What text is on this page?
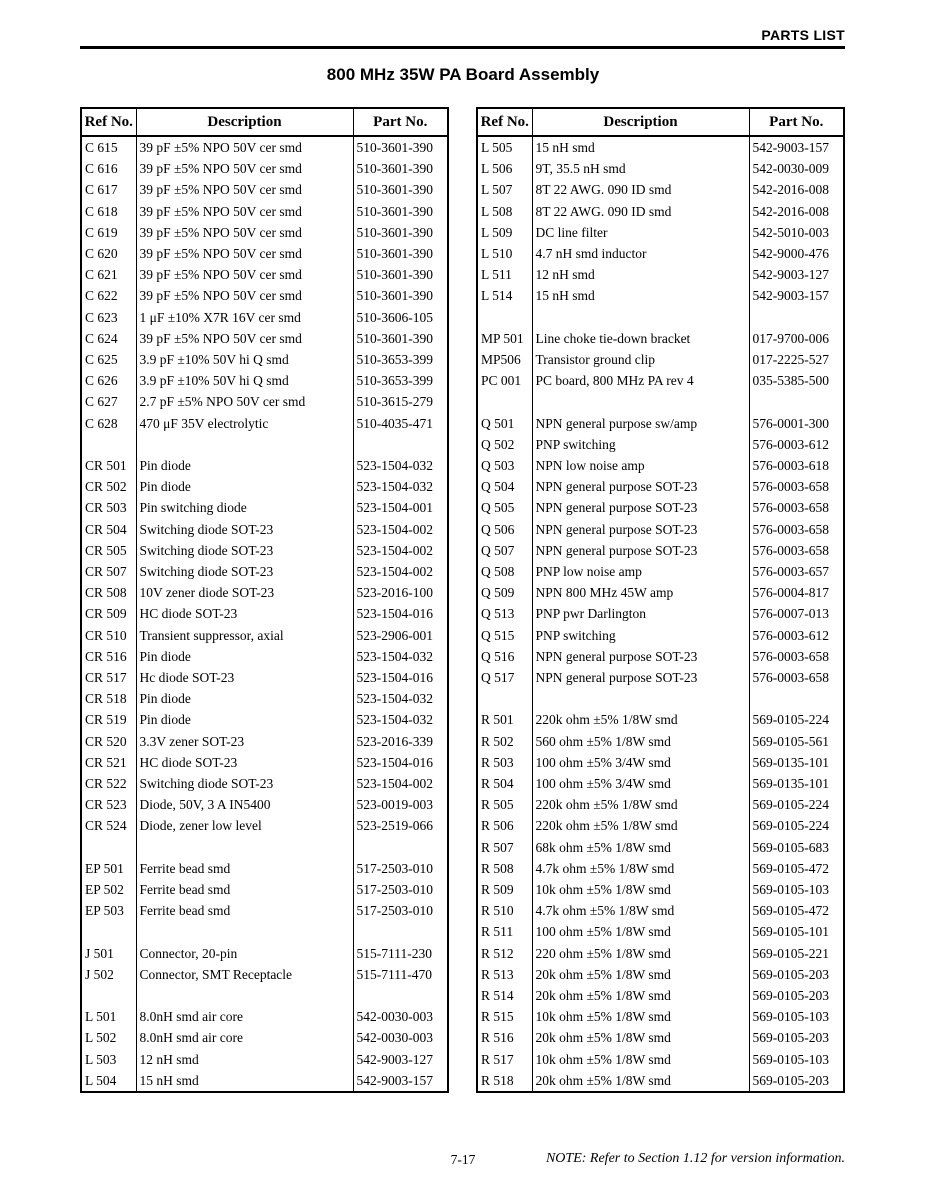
PARTS LIST
800 MHz 35W PA Board Assembly
Ref No.	Description	Part No.
C 615	39 pF ±5% NPO 50V cer smd	510-3601-390
C 616	39 pF ±5% NPO 50V cer smd	510-3601-390
C 617	39 pF ±5% NPO 50V cer smd	510-3601-390
C 618	39 pF ±5% NPO 50V cer smd	510-3601-390
C 619	39 pF ±5% NPO 50V cer smd	510-3601-390
C 620	39 pF ±5% NPO 50V cer smd	510-3601-390
C 621	39 pF ±5% NPO 50V cer smd	510-3601-390
C 622	39 pF ±5% NPO 50V cer smd	510-3601-390
C 623	1 μF ±10% X7R 16V cer smd	510-3606-105
C 624	39 pF ±5% NPO 50V cer smd	510-3601-390
C 625	3.9 pF ±10% 50V hi Q smd	510-3653-399
C 626	3.9 pF ±10% 50V hi Q smd	510-3653-399
C 627	2.7 pF ±5% NPO 50V cer smd	510-3615-279
C 628	470 μF 35V electrolytic	510-4035-471

CR 501	Pin diode	523-1504-032
CR 502	Pin diode	523-1504-032
CR 503	Pin switching diode	523-1504-001
CR 504	Switching diode SOT-23	523-1504-002
CR 505	Switching diode SOT-23	523-1504-002
CR 507	Switching diode SOT-23	523-1504-002
CR 508	10V zener diode SOT-23	523-2016-100
CR 509	HC diode SOT-23	523-1504-016
CR 510	Transient suppressor, axial	523-2906-001
CR 516	Pin diode	523-1504-032
CR 517	Hc diode SOT-23	523-1504-016
CR 518	Pin diode	523-1504-032
CR 519	Pin diode	523-1504-032
CR 520	3.3V zener SOT-23	523-2016-339
CR 521	HC diode SOT-23	523-1504-016
CR 522	Switching diode SOT-23	523-1504-002
CR 523	Diode, 50V, 3 A IN5400	523-0019-003
CR 524	Diode, zener low level	523-2519-066

EP 501	Ferrite bead smd	517-2503-010
EP 502	Ferrite bead smd	517-2503-010
EP 503	Ferrite bead smd	517-2503-010

J 501	Connector, 20-pin	515-7111-230
J 502	Connector, SMT Receptacle	515-7111-470

L 501	8.0nH smd air core	542-0030-003
L 502	8.0nH smd air core	542-0030-003
L 503	12 nH smd	542-9003-127
L 504	15 nH smd	542-9003-157
Ref No.	Description	Part No.
L 505	15 nH smd	542-9003-157
L 506	9T, 35.5 nH smd	542-0030-009
L 507	8T 22 AWG. 090 ID smd	542-2016-008
L 508	8T 22 AWG. 090 ID smd	542-2016-008
L 509	DC line filter	542-5010-003
L 510	4.7 nH smd inductor	542-9000-476
L 511	12 nH smd	542-9003-127
L 514	15 nH smd	542-9003-157

MP 501	Line choke tie-down bracket	017-9700-006
MP506	Transistor ground clip	017-2225-527
PC 001	PC board, 800 MHz PA rev 4	035-5385-500

Q 501	NPN general purpose sw/amp	576-0001-300
Q 502	PNP switching	576-0003-612
Q 503	NPN low noise amp	576-0003-618
Q 504	NPN general purpose SOT-23	576-0003-658
Q 505	NPN general purpose SOT-23	576-0003-658
Q 506	NPN general purpose SOT-23	576-0003-658
Q 507	NPN general purpose SOT-23	576-0003-658
Q 508	PNP low noise amp	576-0003-657
Q 509	NPN 800 MHz 45W amp	576-0004-817
Q 513	PNP pwr Darlington	576-0007-013
Q 515	PNP switching	576-0003-612
Q 516	NPN general purpose SOT-23	576-0003-658
Q 517	NPN general purpose SOT-23	576-0003-658

R 501	220k ohm ±5% 1/8W smd	569-0105-224
R 502	560 ohm ±5% 1/8W smd	569-0105-561
R 503	100 ohm ±5% 3/4W smd	569-0135-101
R 504	100 ohm ±5% 3/4W smd	569-0135-101
R 505	220k ohm ±5% 1/8W smd	569-0105-224
R 506	220k ohm ±5% 1/8W smd	569-0105-224
R 507	68k ohm ±5% 1/8W smd	569-0105-683
R 508	4.7k ohm ±5% 1/8W smd	569-0105-472
R 509	10k ohm ±5% 1/8W smd	569-0105-103
R 510	4.7k ohm ±5% 1/8W smd	569-0105-472
R 511	100 ohm ±5% 1/8W smd	569-0105-101
R 512	220 ohm ±5% 1/8W smd	569-0105-221
R 513	20k ohm ±5% 1/8W smd	569-0105-203
R 514	20k ohm ±5% 1/8W smd	569-0105-203
R 515	10k ohm ±5% 1/8W smd	569-0105-103
R 516	20k ohm ±5% 1/8W smd	569-0105-203
R 517	10k ohm ±5% 1/8W smd	569-0105-103
R 518	20k ohm ±5% 1/8W smd	569-0105-203
7-17	NOTE: Refer to Section 1.12 for version information.
